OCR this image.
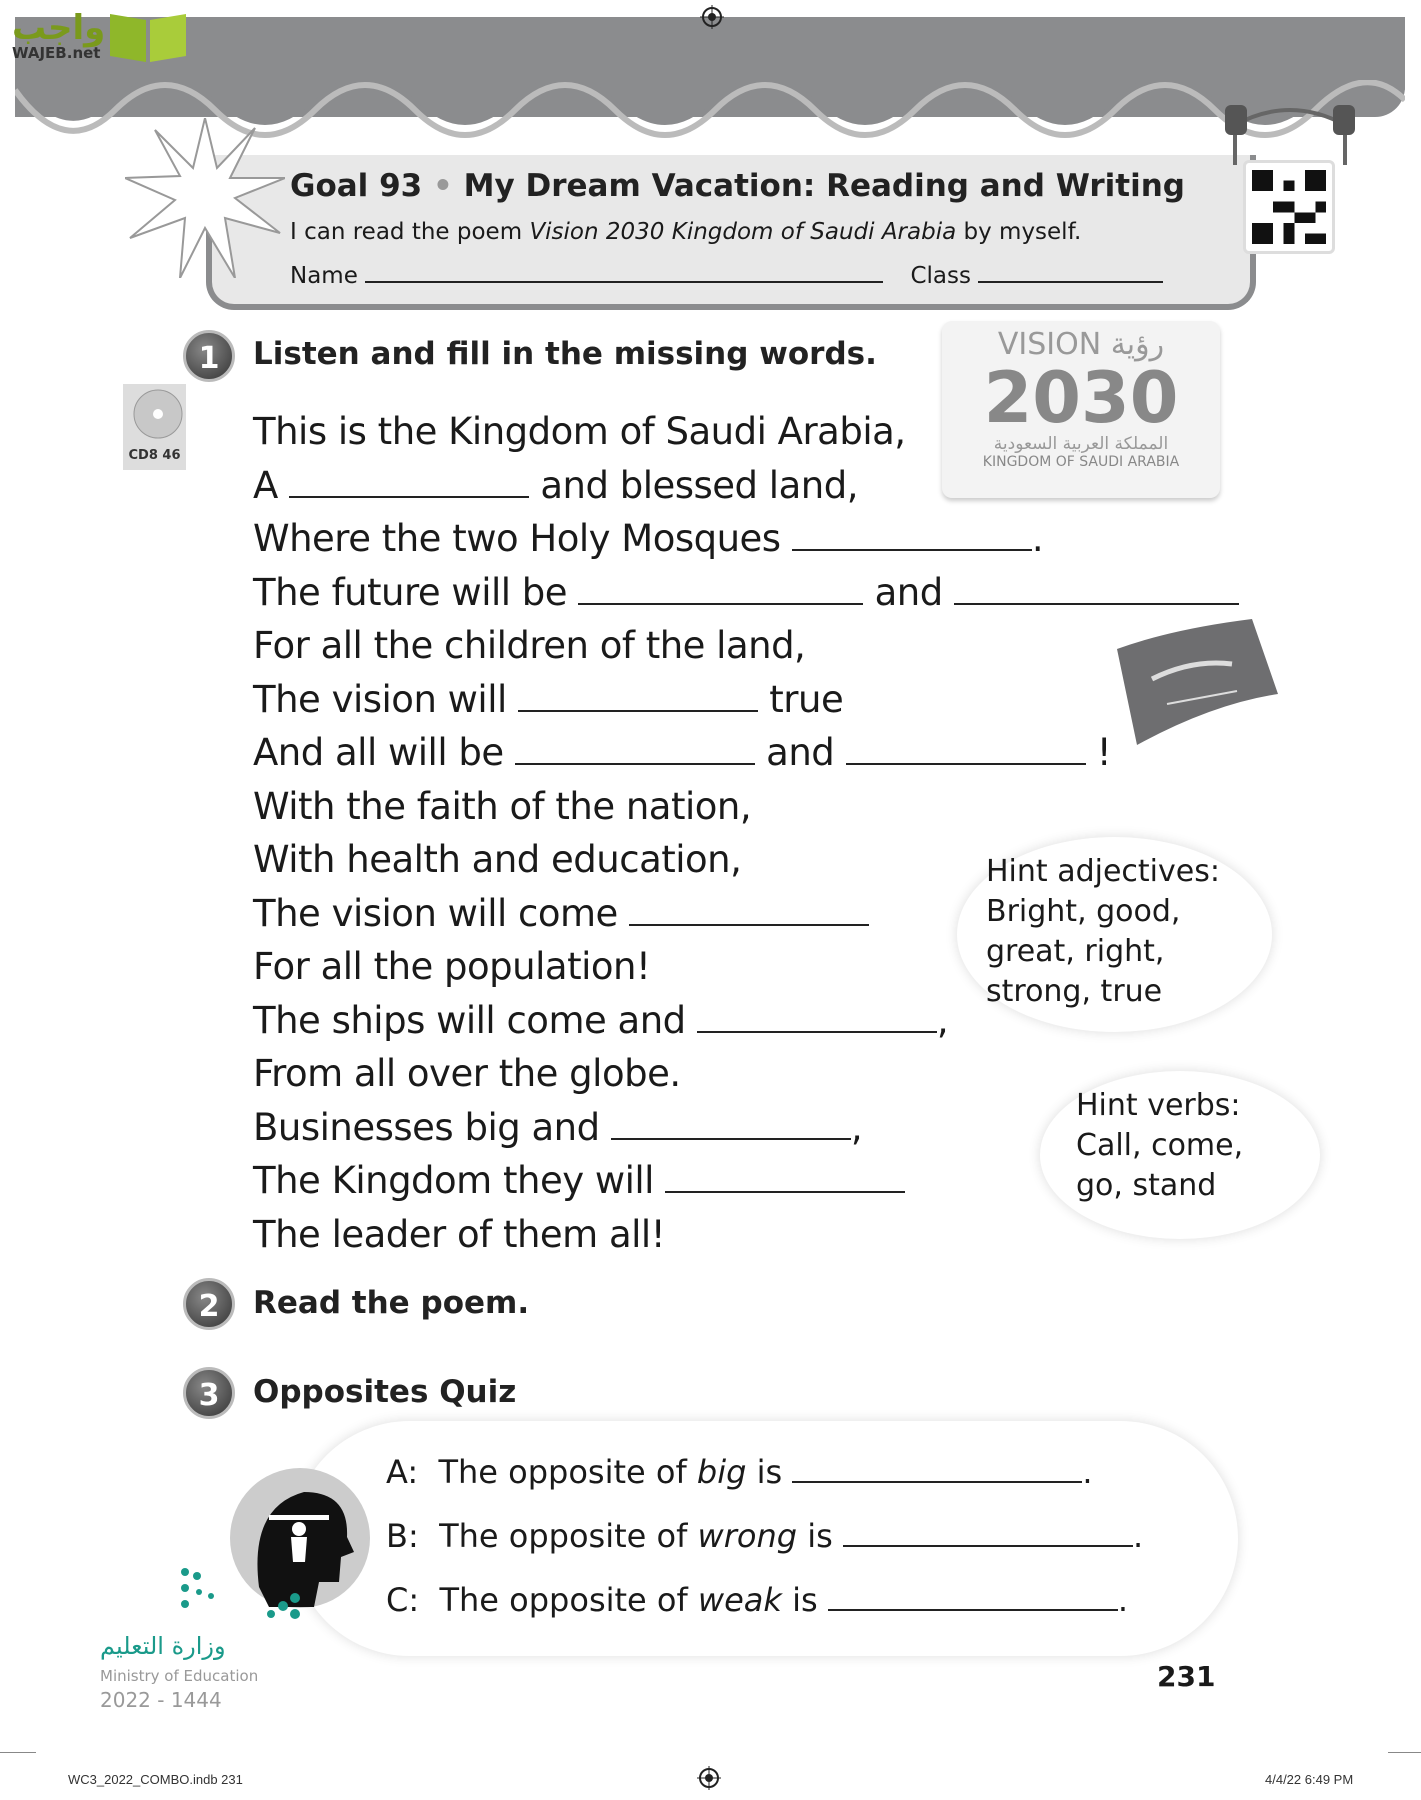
واجب
WAJEB.net
Goal 93 • My Dream Vacation: Reading and Writing
I can read the poem Vision 2030 Kingdom of Saudi Arabia by myself.
Name	Class
1	Listen and fill in the missing words.
CD8 46
This is the Kingdom of Saudi Arabia,
A	and blessed land,
Where the two Holy Mosques	.
The future will be	and
For all the children of the land,
The vision will	true
And all will be	and	!
With the faith of the nation,
With health and education,
The vision will come
For all the population!
The ships will come and	,
From all over the globe.
Businesses big and	,
The Kingdom they will
The leader of them all!
VISION رؤية
2030
المملكة العربية السعودية
KINGDOM OF SAUDI ARABIA
Hint adjectives:
Bright, good,
great, right,
strong, true
Hint verbs:
Call, come,
go, stand
2	Read the poem.
3	Opposites Quiz
A: The opposite of big is	.
B: The opposite of wrong is	.
C: The opposite of weak is	.
وزارة التعليم
Ministry of Education
2022 - 1444
231
WC3_2022_COMBO.indb 231	4/4/22 6:49 PM
